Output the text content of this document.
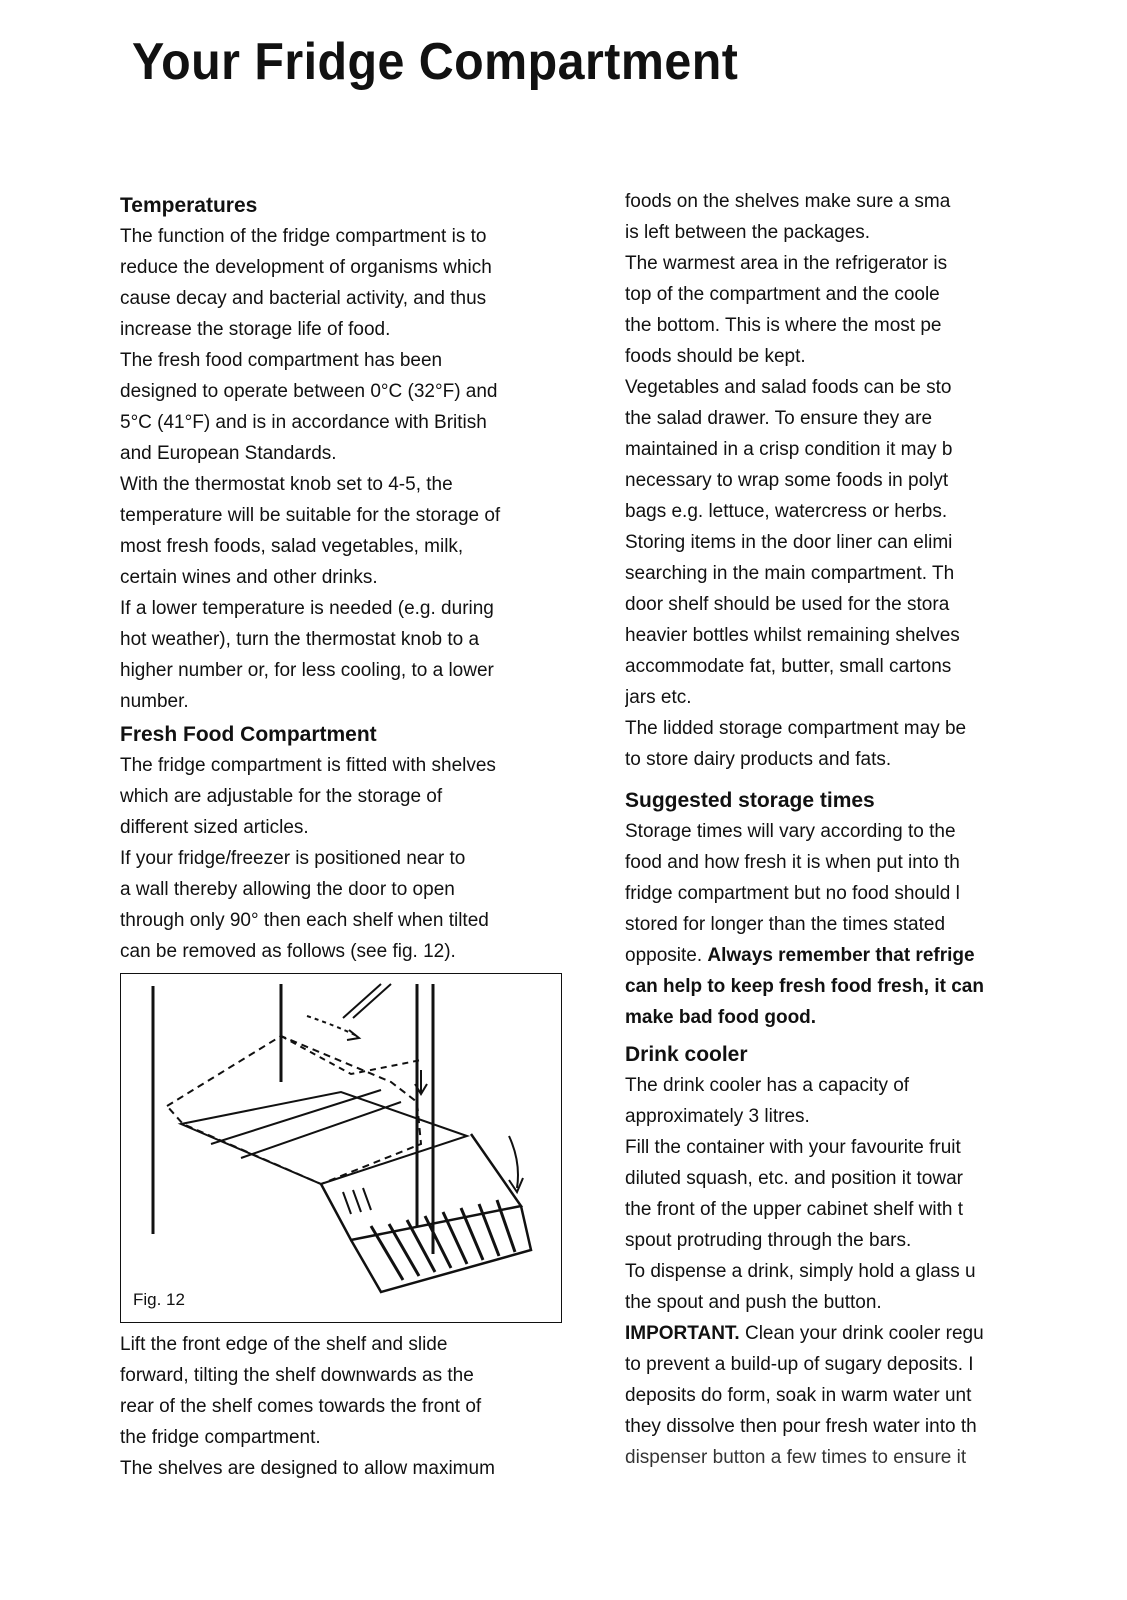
Your Fridge Compartment

Temperatures

The function of the fridge compartment is to

reduce the development of organisms which

cause decay and bacterial activity, and thus

increase the storage life of food.

The fresh food compartment has been

designed to operate between 0°C (32°F) and

5°C (41°F) and is in accordance with British

and European Standards.

With the thermostat knob set to 4-5, the

temperature will be suitable for the storage of

most fresh foods, salad vegetables, milk,

certain wines and other drinks.

If a lower temperature is needed (e.g. during

hot weather), turn the thermostat knob to a

higher number or, for less cooling, to a lower

number.

Fresh Food Compartment

The fridge compartment is fitted with shelves

which are adjustable for the storage of

different sized articles.

If your fridge/freezer is positioned near to

a wall thereby allowing the door to open

through only 90° then each shelf when tilted

can be removed as follows (see fig. 12).

Fig. 12

Lift the front edge of the shelf and slide

forward, tilting the shelf downwards as the

rear of the shelf comes towards the front of

the fridge compartment.

The shelves are designed to allow maximum

foods on the shelves make sure a sma

is left between the packages.

The warmest area in the refrigerator is

top of the compartment and the coole

the bottom. This is where the most pe

foods should be kept.

Vegetables and salad foods can be sto

the salad drawer. To ensure they are

maintained in a crisp condition it may b

necessary to wrap some foods in polyt

bags e.g. lettuce, watercress or herbs.

Storing items in the door liner can elimi

searching in the main compartment. Th

door shelf should be used for the stora

heavier bottles whilst remaining shelves

accommodate fat, butter, small cartons

jars etc.

The lidded storage compartment may be

to store dairy products and fats.

Suggested storage times

Storage times will vary according to the

food and how fresh it is when put into th

fridge compartment but no food should l

stored for longer than the times stated

opposite. Always remember that refrige

can help to keep fresh food fresh, it can

make bad food good.

Drink cooler

The drink cooler has a capacity of

approximately 3 litres.

Fill the container with your favourite fruit

diluted squash, etc. and position it towar

the front of the upper cabinet shelf with t

spout protruding through the bars.

To dispense a drink, simply hold a glass u

the spout and push the button.

IMPORTANT. Clean your drink cooler regu

to prevent a build-up of sugary deposits. I

deposits do form, soak in warm water unt

they dissolve then pour fresh water into th

dispenser button a few times to ensure it
